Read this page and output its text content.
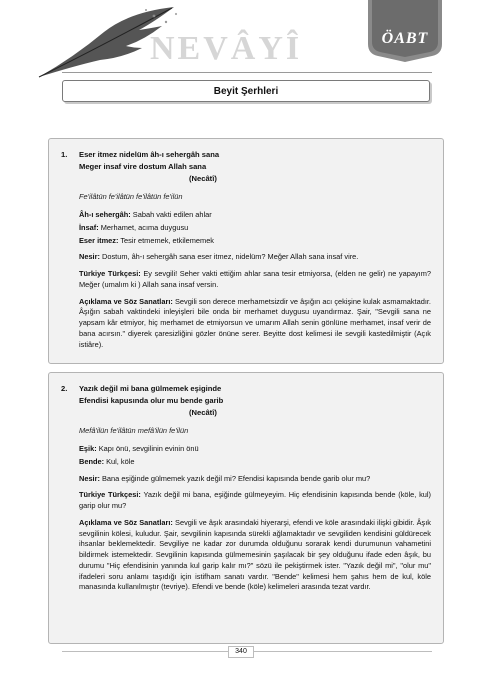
NEVÂYÎ	ÖABT
Beyit Şerhleri
1.	Eser itmez nidelüm âh-ı sehergâh sana
Meger insaf vire dostum Allah sana
(Necâtî)
Fe'ilâtün fe'ilâtün fe'ilâtün fe'ilün
Âh-ı sehergâh: Sabah vakti edilen ahlar
İnsaf: Merhamet, acıma duygusu
Eser itmez: Tesir etmemek, etkilememek
Nesir: Dostum, âh-ı sehergâh sana eser itmez, nidelüm? Meğer Allah sana insaf vire.
Türkiye Türkçesi: Ey sevgili! Seher vakti ettiğim ahlar sana tesir etmiyorsa, (elden ne gelir) ne yapayım? Meğer (umalım ki ) Allah sana insaf versin.
Açıklama ve Söz Sanatları: Sevgili son derece merhametsizdir ve âşığın acı çekişine kulak asmamaktadır. Âşığın sabah vaktindeki inleyişleri bile onda bir merhamet duygusu uyandırmaz. Şair, "Sevgili sana ne yapsam kâr etmiyor, hiç merhamet de etmiyorsun ve umarım Allah senin gönlüne merhamet, insaf verir de bana acırsın." diyerek çaresizliğini gözler önüne serer. Beyitte dost kelimesi ile sevgili kastedilmiştir (Açık istiâre).
2.	Yazık değil mi bana gülmemek eşiginde
Efendisi kapusında olur mu bende garib
(Necâtî)
Mefâ'ilün fe'ilâtün mefâ'ilün fe'ilün
Eşik: Kapı önü, sevgilinin evinin önü
Bende: Kul, köle
Nesir: Bana eşiğinde gülmemek yazık değil mi? Efendisi kapısında bende garib olur mu?
Türkiye Türkçesi: Yazık değil mi bana, eşiğinde gülmeyeyim. Hiç efendisinin kapısında bende (köle, kul) garip olur mu?
Açıklama ve Söz Sanatları: Sevgili ve âşık arasındaki hiyerarşi, efendi ve köle arasındaki ilişki gibidir. Âşık sevgilinin kölesi, kuludur. Şair, sevgilinin kapısında sürekli ağlamaktadır ve sevgiliden kendisini güldürecek ihsanlar beklemektedir. Sevgiliye ne kadar zor durumda olduğunu sorarak kendi durumunun vahametini bildirmek istemektedir. Sevgilinin kapısında gülmemesinin şaşılacak bir şey olduğunu ifade eden âşık, bu durumu "Hiç efendisinin yanında kul garip kalır mı?" sözü ile pekiştirmek ister. "Yazık değil mi", "olur mu" ifadeleri soru anlamı taşıdığı için istifham sanatı vardır. "Bende" kelimesi hem şahıs hem de kul, köle manasında kullanılmıştır (tevriye). Efendi ve bende (köle) kelimeleri arasında tezat vardır.
340
